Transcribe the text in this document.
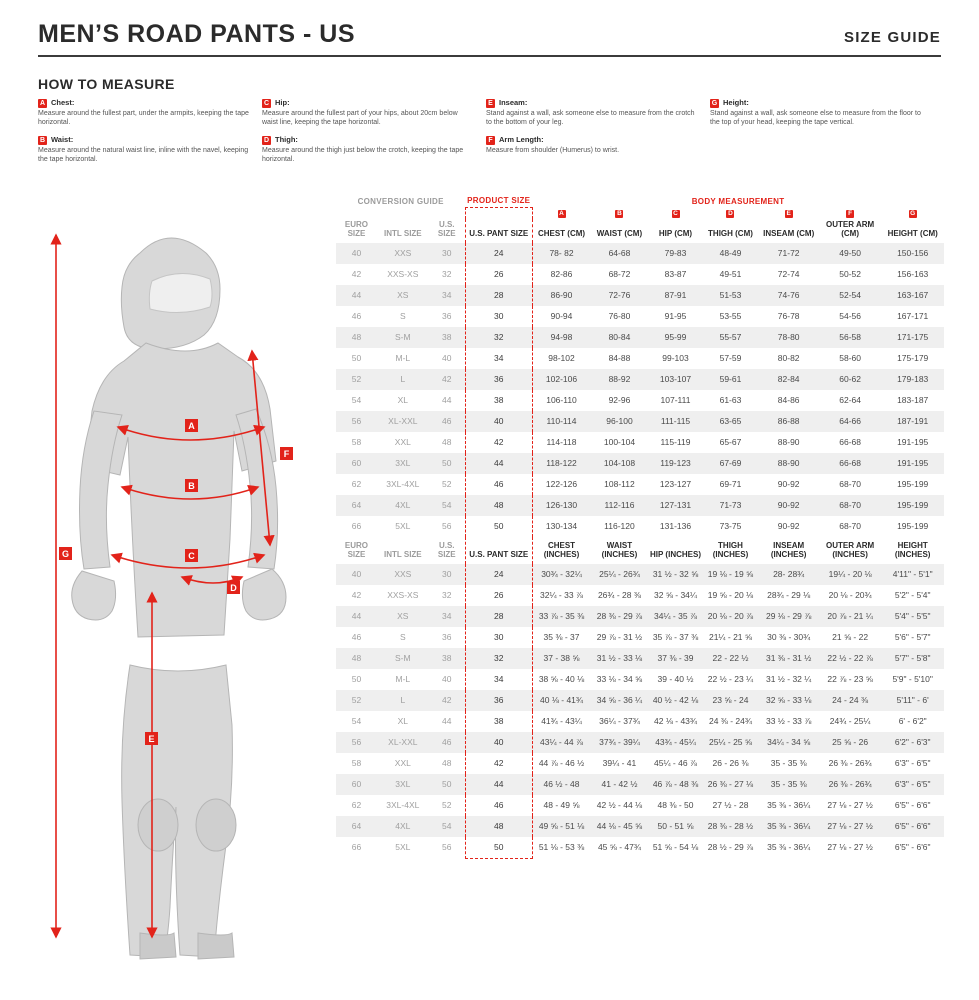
MEN’S ROAD PANTS - US	SIZE GUIDE
HOW TO MEASURE
A Chest:
Measure around the fullest part, under the armpits, keeping the tape horizontal.
B Waist:
Measure around the natural waist line, inline with the navel, keeping the tape horizontal.
C Hip:
Measure around the fullest part of your hips, about 20cm below waist line, keeping the tape horizontal.
D Thigh:
Measure around the thigh just below the crotch, keeping the tape horizontal.
E Inseam:
Stand against a wall, ask someone else to measure from the crotch to the bottom of your leg.
F Arm Length:
Measure from shoulder (Humerus) to wrist.
G Height:
Stand against a wall, ask someone else to measure from the floor to the top of your head, keeping the tape vertical.
A
B
C
D
E
F
G
CONVERSION GUIDE			PRODUCT SIZE	BODY MEASUREMENT						
				A	B	C	D	E	F	G
EURO SIZE	INTL SIZE	U.S. SIZE	U.S. PANT SIZE	CHEST (CM)	WAIST (CM)	HIP (CM)	THIGH (CM)	INSEAM (CM)	OUTER ARM (CM)	HEIGHT (CM)
40	XXS	30	24	78- 82	64-68	79-83	48-49	71-72	49-50	150-156
42	XXS-XS	32	26	82-86	68-72	83-87	49-51	72-74	50-52	156-163
44	XS	34	28	86-90	72-76	87-91	51-53	74-76	52-54	163-167
46	S	36	30	90-94	76-80	91-95	53-55	76-78	54-56	167-171
48	S-M	38	32	94-98	80-84	95-99	55-57	78-80	56-58	171-175
50	M-L	40	34	98-102	84-88	99-103	57-59	80-82	58-60	175-179
52	L	42	36	102-106	88-92	103-107	59-61	82-84	60-62	179-183
54	XL	44	38	106-110	92-96	107-111	61-63	84-86	62-64	183-187
56	XL-XXL	46	40	110-114	96-100	111-115	63-65	86-88	64-66	187-191
58	XXL	48	42	114-118	100-104	115-119	65-67	88-90	66-68	191-195
60	3XL	50	44	118-122	104-108	119-123	67-69	88-90	66-68	191-195
62	3XL-4XL	52	46	122-126	108-112	123-127	69-71	90-92	68-70	195-199
64	4XL	54	48	126-130	112-116	127-131	71-73	90-92	68-70	195-199
66	5XL	56	50	130-134	116-120	131-136	73-75	90-92	68-70	195-199
EURO SIZE	INTL SIZE	U.S. SIZE	U.S. PANT SIZE	CHEST (INCHES)	WAIST (INCHES)	HIP (INCHES)	THIGH (INCHES)	INSEAM (INCHES)	OUTER ARM (INCHES)	HEIGHT (INCHES)
40	XXS	30	24	30¾ - 32¼	25¼ - 26¾	31 ½ - 32 ⅝	19 ⅛ - 19 ⅝	28- 28¾	19¼ - 20 ⅛	4'11" - 5'1"
42	XXS-XS	32	26	32¼ - 33 ⅞	26¾ - 28 ⅜	32 ⅝ - 34¼	19 ⅝ - 20 ⅛	28¾ - 29 ⅛	20 ⅛ - 20¾	5'2" - 5'4"
44	XS	34	28	33 ⅞ - 35 ⅜	28 ⅜ - 29 ⅞	34¼ - 35 ⅞	20 ⅛ - 20 ⅞	29 ⅛ - 29 ⅞	20 ⅞ - 21 ¼	5'4" - 5'5"
46	S	36	30	35 ⅜ - 37	29 ⅞ - 31 ½	35 ⅞ - 37 ⅜	21¼ - 21 ⅝	30 ⅜ - 30¾	21 ⅝ - 22	5'6" - 5'7"
48	S-M	38	32	37 - 38 ⅝	31 ½ - 33 ⅛	37 ⅜ - 39	22 - 22 ½	31 ⅜ - 31 ½	22 ½ - 22 ⅞	5'7" - 5'8"
50	M-L	40	34	38 ⅝ - 40 ⅛	33 ⅛ - 34 ⅝	39 - 40 ½	22 ½ - 23 ¼	31 ½ - 32 ¼	22 ⅞ - 23 ⅝	5'9" - 5'10"
52	L	42	36	40 ⅛ - 41¾	34 ⅝ - 36 ¼	40 ½ - 42 ⅛	23 ⅝ - 24	32 ⅝ - 33 ⅛	24 - 24 ⅜	5'11" - 6'
54	XL	44	38	41¾ - 43¼	36¼ - 37¾	42 ⅛ - 43¾	24 ⅜ - 24¾	33 ½ - 33 ⅞	24¾ - 25¼	6' - 6'2"
56	XL-XXL	46	40	43¼ - 44 ⅞	37¾ - 39¼	43¾ - 45¼	25¼ - 25 ⅝	34¼ - 34 ⅝	25 ⅝ - 26	6'2" - 6'3"
58	XXL	48	42	44 ⅞ - 46 ½	39¼ - 41	45¼ - 46 ⅞	26 - 26 ⅜	35 - 35 ⅜	26 ⅜ - 26¾	6'3" - 6'5"
60	3XL	50	44	46 ½ - 48	41 - 42 ½	46 ⅞ - 48 ⅜	26 ⅜ - 27 ⅛	35 - 35 ⅜	26 ⅜ - 26¾	6'3" - 6'5"
62	3XL-4XL	52	46	48 - 49 ⅝	42 ½ - 44 ⅛	48 ⅜ - 50	27 ½ - 28	35 ⅜ - 36¼	27 ⅛ - 27 ½	6'5" - 6'6"
64	4XL	54	48	49 ⅝ - 51 ⅛	44 ⅛ - 45 ⅝	50 - 51 ⅝	28 ⅜ - 28 ½	35 ⅜ - 36¼	27 ⅛ - 27 ½	6'5" - 6'6"
66	5XL	56	50	51 ⅛ - 53 ⅜	45 ⅝ - 47¾	51 ⅝ - 54 ⅛	28 ½ - 29 ⅞	35 ⅜ - 36¼	27 ⅛ - 27 ½	6'5" - 6'6"
